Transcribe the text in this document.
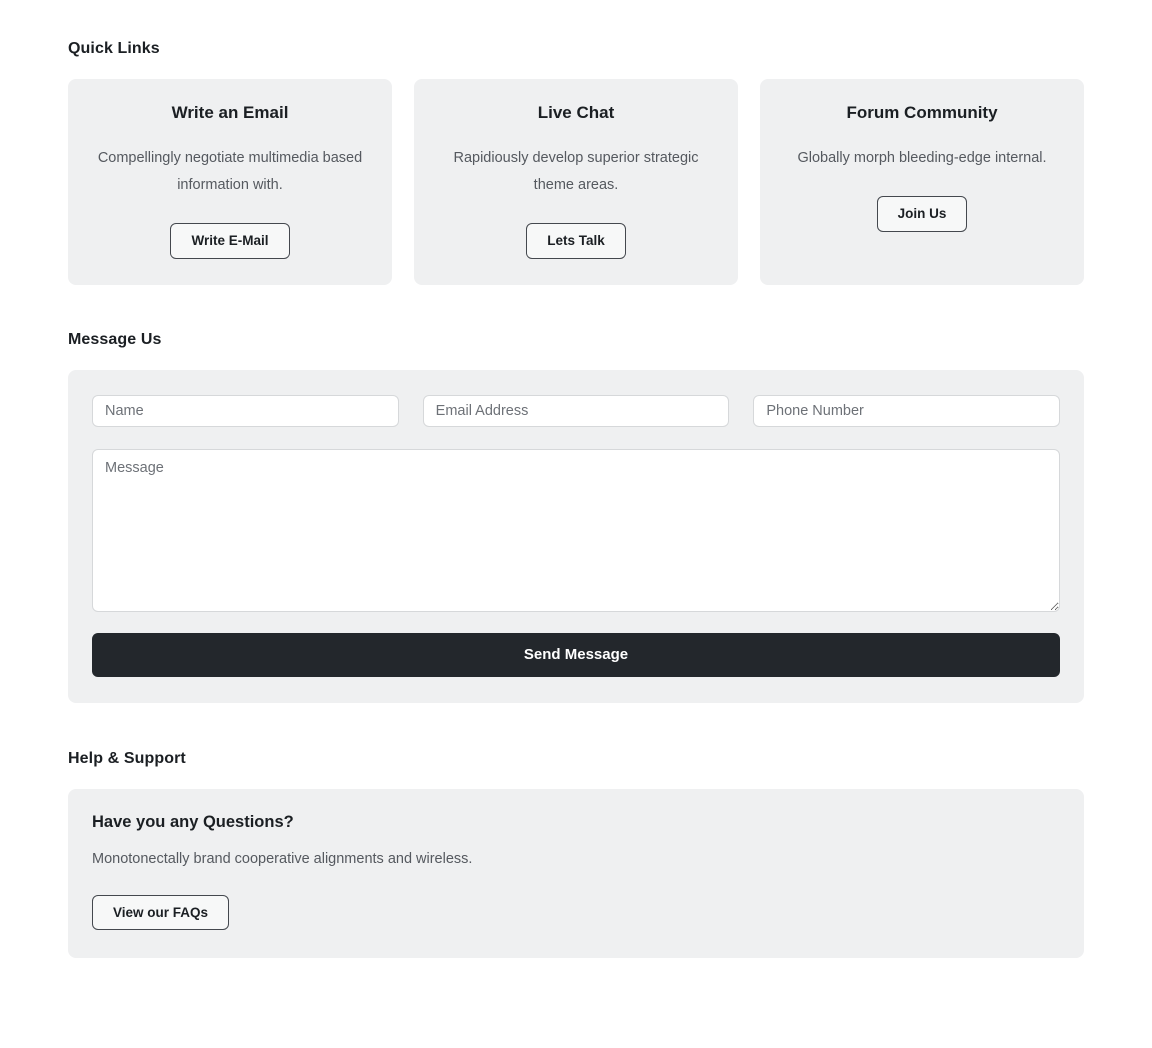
Quick Links
Write an Email

Compellingly negotiate multimedia based information with.

Write E-Mail
Live Chat

Rapidiously develop superior strategic theme areas.

Lets Talk
Forum Community

Globally morph bleeding-edge internal.

Join Us
Message Us
Name
Email Address
Phone Number
Message Send Message
Help & Support
Have you any Questions?

Monotonectally brand cooperative alignments and wireless.

View our FAQs
